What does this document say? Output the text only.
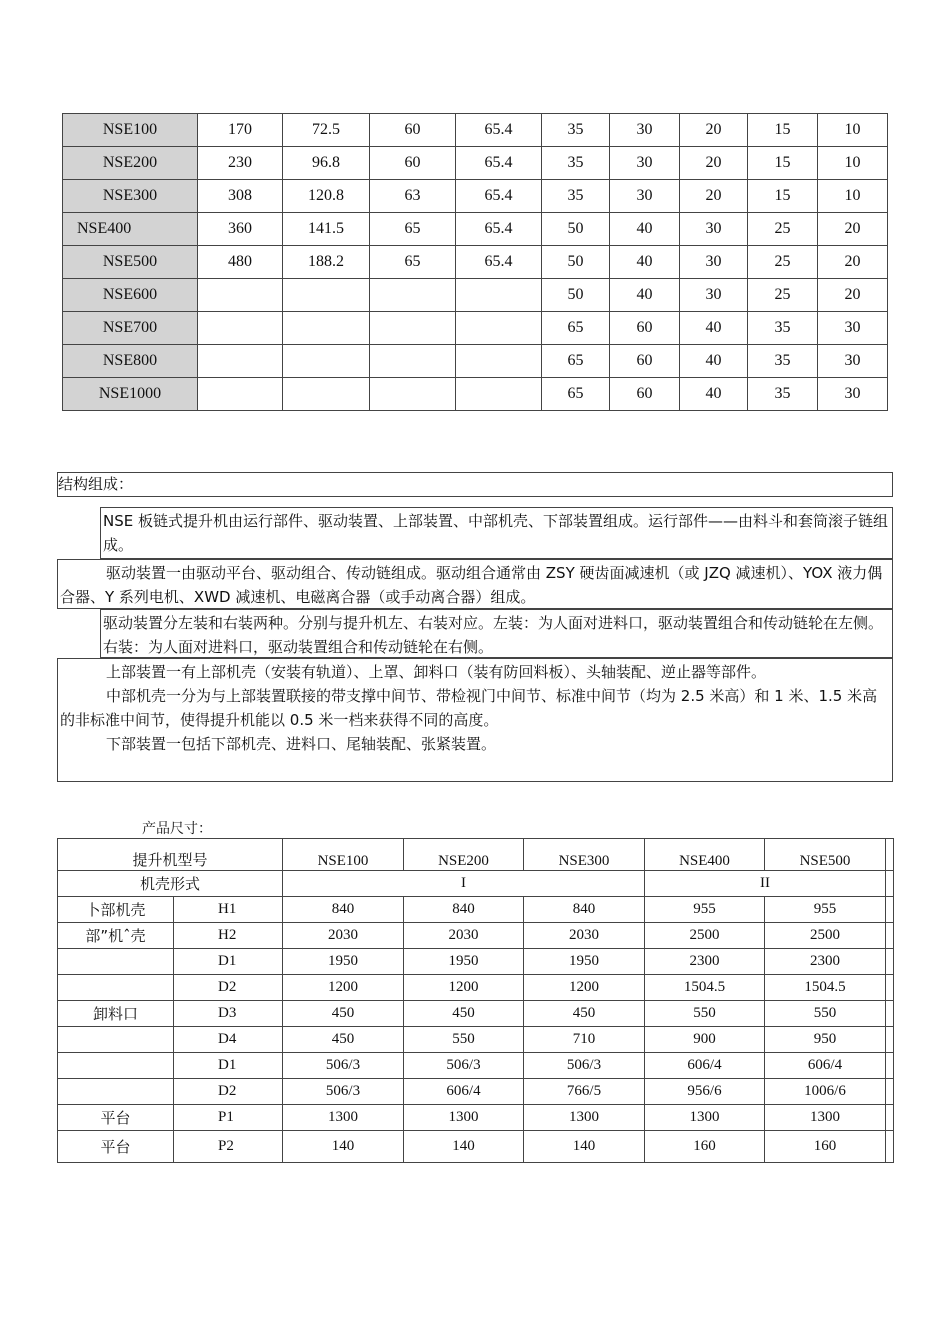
NSE100	170	72.5	60	65.4	35	30	20	15	10
NSE200	230	96.8	60	65.4	35	30	20	15	10
NSE300	308	120.8	63	65.4	35	30	20	15	10
NSE400	360	141.5	65	65.4	50	40	30	25	20
NSE500	480	188.2	65	65.4	50	40	30	25	20
NSE600					50	40	30	25	20
NSE700					65	60	40	35	30
NSE800					65	60	40	35	30
NSE1000					65	60	40	35	30
结构组成：

NSE 板链式提升机由运行部件、驱动装置、上部装置、中部机壳、下部装置组成。运行部件——由料斗和套筒滚子链组成。

驱动装置一由驱动平台、驱动组合、传动链组成。驱动组合通常由 ZSY 硬齿面减速机（或 JZQ 减速机）、YOX 液力偶合器、Y 系列电机、XWD 减速机、电磁离合器（或手动离合器）组成。

驱动装置分左装和右装两种。分别与提升机左、右装对应。左装：为人面对进料口，驱动装置组合和传动链轮在左侧。右装：为人面对进料口，驱动装置组合和传动链轮在右侧。

上部装置一有上部机壳（安装有轨道）、上罩、卸料口（装有防回料板）、头轴装配、逆止器等部件。

中部机壳一分为与上部装置联接的带支撑中间节、带检视门中间节、标准中间节（均为 2.5 米高）和 1 米、1.5 米高的非标准中间节，使得提升机能以 0.5 米一档来获得不同的高度。

下部装置一包括下部机壳、进料口、尾轴装配、张紧装置。

产品尺寸：
提升机型号		NSE100	NSE200	NSE300	NSE400	NSE500	
机壳形式		I			II		
卜部机壳	H1	840	840	840	955	955	
部”机ˆ壳	H2	2030	2030	2030	2500	2500	
	D1	1950	1950	1950	2300	2300	
	D2	1200	1200	1200	1504.5	1504.5	
卸料口	D3	450	450	450	550	550	
	D4	450	550	710	900	950	
	D1	506/3	506/3	506/3	606/4	606/4	
	D2	506/3	606/4	766/5	956/6	1006/6	
平台	P1	1300	1300	1300	1300	1300	
平台	P2	140	140	140	160	160	
